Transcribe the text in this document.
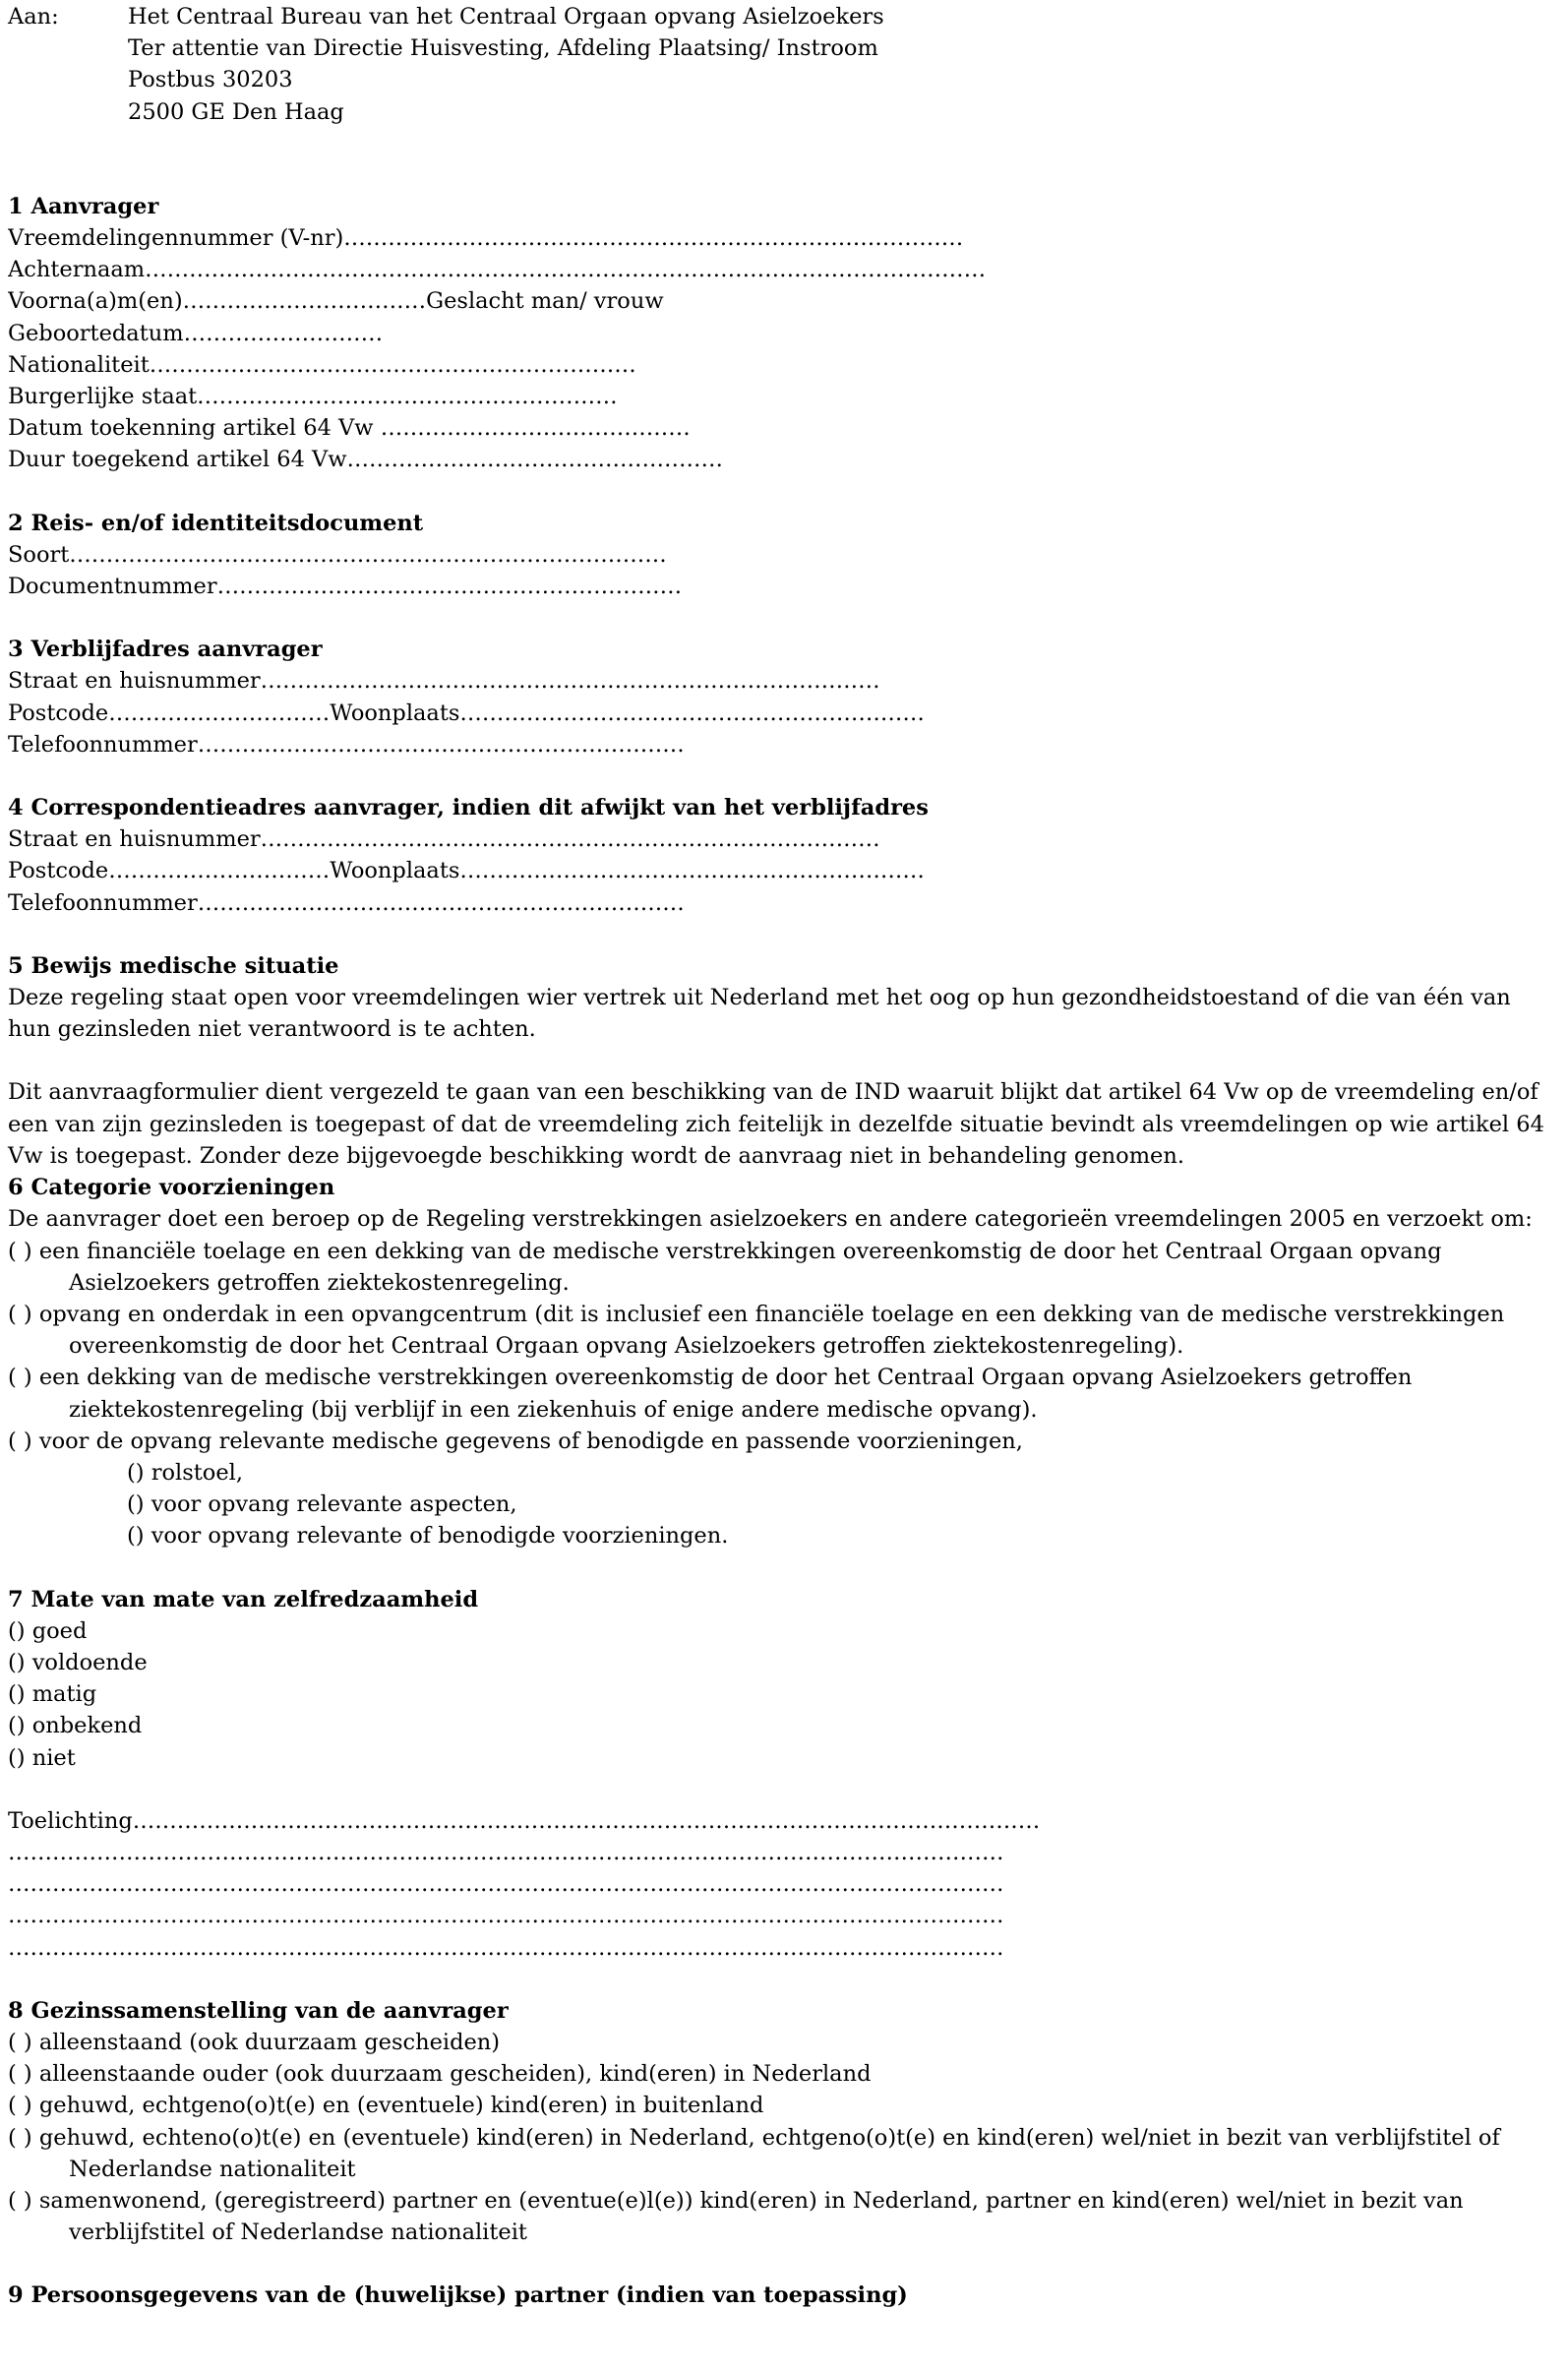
Aan:	Het Centraal Bureau van het Centraal Orgaan opvang Asielzoekers
Ter attentie van Directie Huisvesting, Afdeling Plaatsing/ Instroom
Postbus 30203
2500 GE Den Haag
1 Aanvrager
Vreemdelingennummer (V-nr)…………………………………………………………………………
Achternaam……………………………………………………………………………………………………
Voorna(a)m(en)……………………………Geslacht man/ vrouw
Geboortedatum………………………
Nationaliteit…………………………………………………………
Burgerlijke staat…………………………………………………
Datum toekenning artikel 64 Vw ……………………………………
Duur toegekend artikel 64 Vw……………………………………………
2 Reis- en/of identiteitsdocument
Soort………………………………………………………………………
Documentnummer………………………………………………………
3 Verblijfadres aanvrager
Straat en huisnummer…………………………………………………………………………
Postcode…………………………Woonplaats………………………………………………………
Telefoonnummer…………………………………………………………
4 Correspondentieadres aanvrager, indien dit afwijkt van het verblijfadres
Straat en huisnummer…………………………………………………………………………
Postcode…………………………Woonplaats………………………………………………………
Telefoonnummer…………………………………………………………
5 Bewijs medische situatie
Deze regeling staat open voor vreemdelingen wier vertrek uit Nederland met het oog op hun gezondheidstoestand of die van één van hun gezinsleden niet verantwoord is te achten.
Dit aanvraagformulier dient vergezeld te gaan van een beschikking van de IND waaruit blijkt dat artikel 64 Vw op de vreemdeling en/of een van zijn gezinsleden is toegepast of dat de vreemdeling zich feitelijk in dezelfde situatie bevindt als vreemdelingen op wie artikel 64 Vw is toegepast. Zonder deze bijgevoegde beschikking wordt de aanvraag niet in behandeling genomen.
6 Categorie voorzieningen
De aanvrager doet een beroep op de Regeling verstrekkingen asielzoekers en andere categorieën vreemdelingen 2005 en verzoekt om:
( ) een financiële toelage en een dekking van de medische verstrekkingen overeenkomstig de door het Centraal Orgaan opvang Asielzoekers getroffen ziektekostenregeling.
( ) opvang en onderdak in een opvangcentrum (dit is inclusief een financiële toelage en een dekking van de medische verstrekkingen overeenkomstig de door het Centraal Orgaan opvang Asielzoekers getroffen ziektekostenregeling).
( ) een dekking van de medische verstrekkingen overeenkomstig de door het Centraal Orgaan opvang Asielzoekers getroffen ziektekostenregeling (bij verblijf in een ziekenhuis of enige andere medische opvang).
( ) voor de opvang relevante medische gegevens of benodigde en passende voorzieningen,
() rolstoel,
() voor opvang relevante aspecten,
() voor opvang relevante of benodigde voorzieningen.
7 Mate van mate van zelfredzaamheid
() goed
() voldoende
() matig
() onbekend
() niet
Toelichting……………………………………………………………………………………………………………
………………………………………………………………………………………………………………………
………………………………………………………………………………………………………………………
………………………………………………………………………………………………………………………
………………………………………………………………………………………………………………………
8 Gezinssamenstelling van de aanvrager
( ) alleenstaand (ook duurzaam gescheiden)
( ) alleenstaande ouder (ook duurzaam gescheiden), kind(eren) in Nederland
( ) gehuwd, echtgeno(o)t(e) en (eventuele) kind(eren) in buitenland
( ) gehuwd, echteno(o)t(e) en (eventuele) kind(eren) in Nederland, echtgeno(o)t(e) en kind(eren) wel/niet in bezit van verblijfstitel of Nederlandse nationaliteit
( ) samenwonend, (geregistreerd) partner en (eventue(e)l(e)) kind(eren) in Nederland, partner en kind(eren) wel/niet in bezit van verblijfstitel of Nederlandse nationaliteit
9 Persoonsgegevens van de (huwelijkse) partner (indien van toepassing)
